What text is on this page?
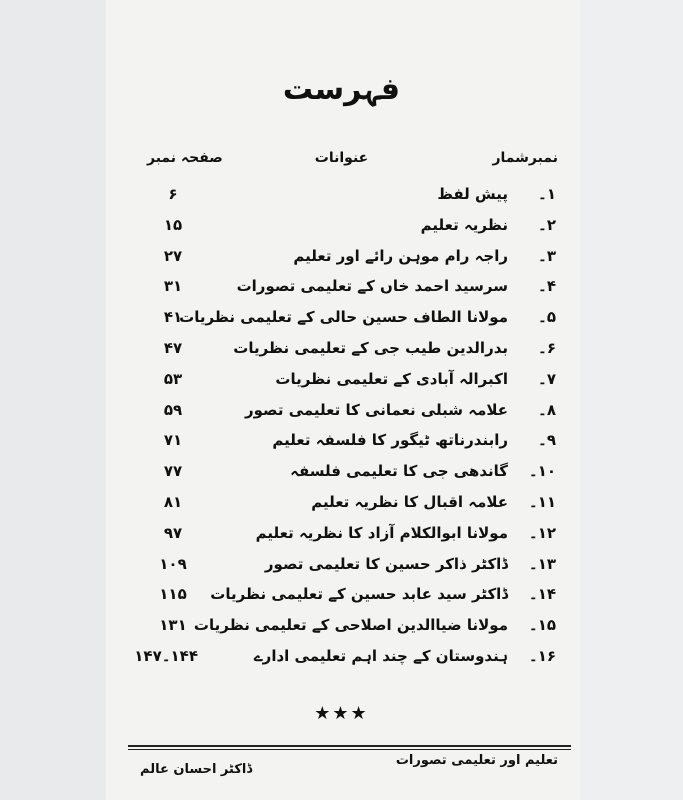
فہرست
نمبرشمار
عنوانات
صفحہ نمبر
۱۔
پیش لفظ
۶
۲۔
نظریہ تعلیم
۱۵
۳۔
راجہ رام موہن رائے اور تعلیم
۲۷
۴۔
سرسید احمد خاں کے تعلیمی تصورات
۳۱
۵۔
مولانا الطاف حسین حالی کے تعلیمی نظریات
۴۱
۶۔
بدرالدین طیب جی کے تعلیمی نظریات
۴۷
۷۔
اکبرالہ آبادی کے تعلیمی نظریات
۵۳
۸۔
علامہ شبلی نعمانی کا تعلیمی تصور
۵۹
۹۔
رابندرناتھ ٹیگور کا فلسفہ تعلیم
۷۱
۱۰۔
گاندھی جی کا تعلیمی فلسفہ
۷۷
۱۱۔
علامہ اقبال کا نظریہ تعلیم
۸۱
۱۲۔
مولانا ابوالکلام آزاد کا نظریہ تعلیم
۹۷
۱۳۔
ڈاکٹر ذاکر حسین کا تعلیمی تصور
۱۰۹
۱۴۔
ڈاکٹر سید عابد حسین کے تعلیمی نظریات
۱۱۵
۱۵۔
مولانا ضیاالدین اصلاحی کے تعلیمی نظریات
۱۳۱
۱۶۔
ہندوستان کے چند اہم تعلیمی ادارے
۱۴۴۔۱۴۷
★★★
تعلیم اور تعلیمی تصورات
ڈاکٹر احسان عالم
